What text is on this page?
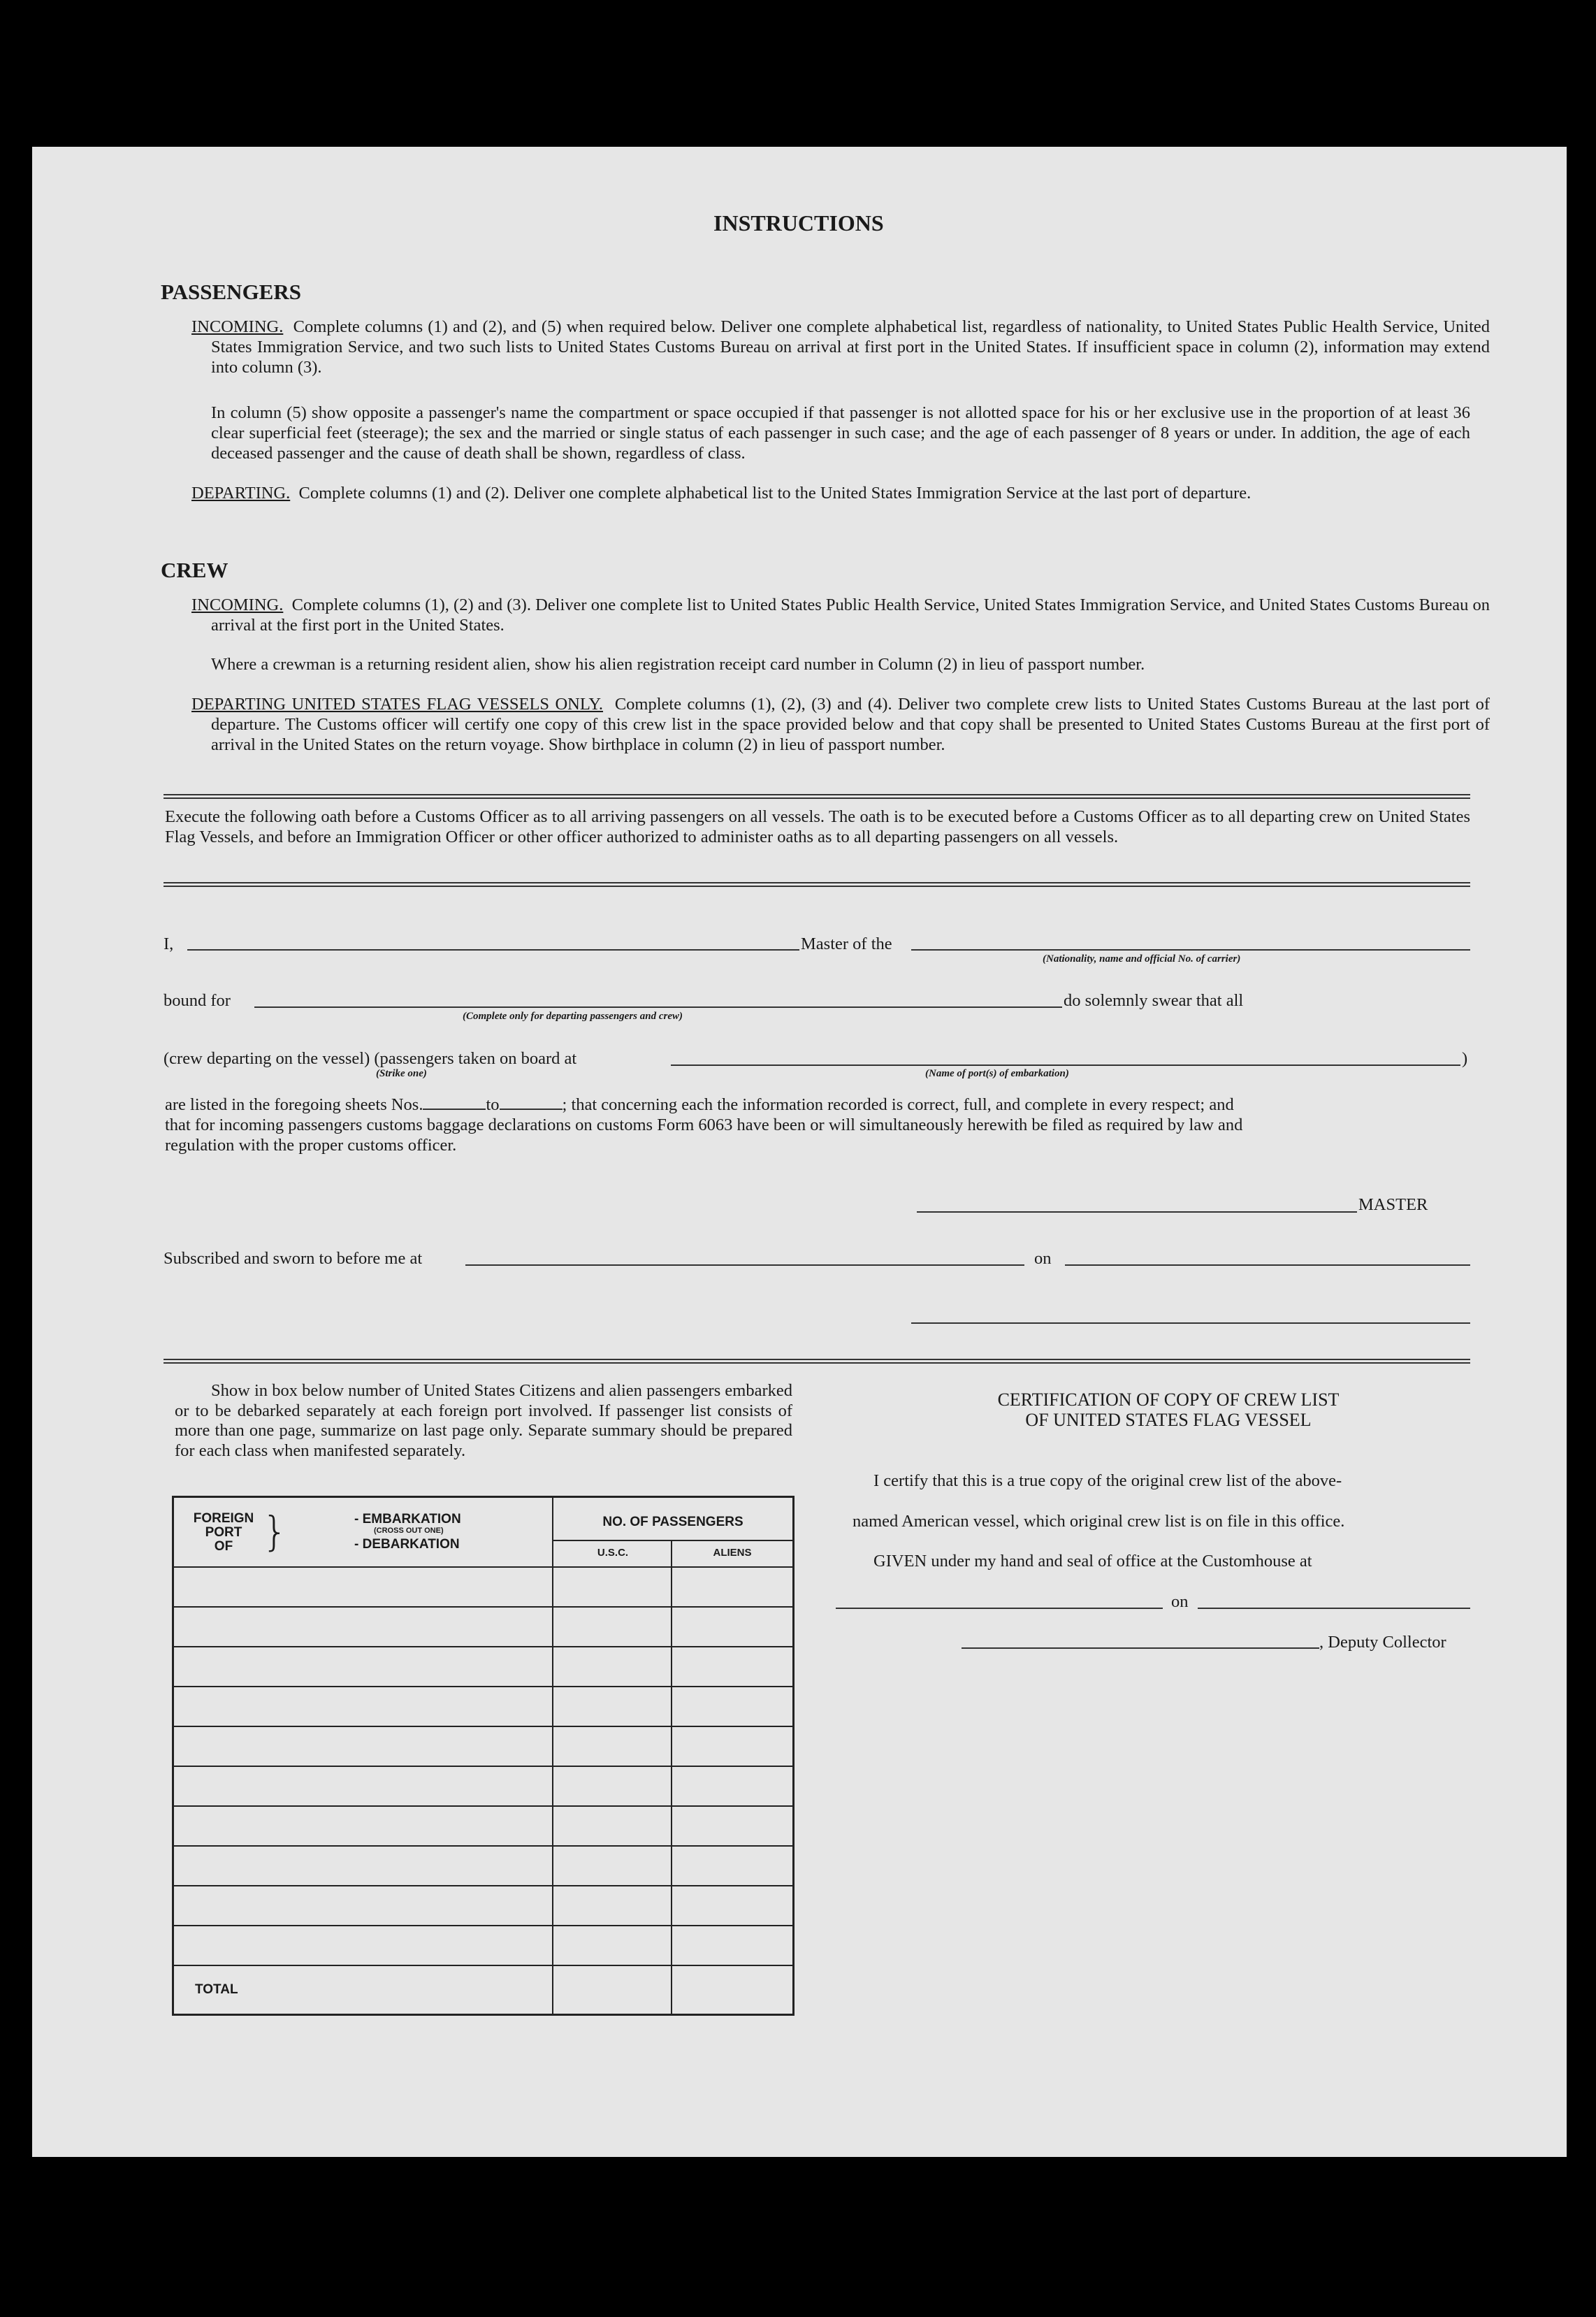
INSTRUCTIONS
PASSENGERS
INCOMING. Complete columns (1) and (2), and (5) when required below. Deliver one complete alphabetical list, regardless of nationality, to United States Public Health Service, United States Immigration Service, and two such lists to United States Customs Bureau on arrival at first port in the United States. If insufficient space in column (2), information may extend into column (3).
In column (5) show opposite a passenger's name the compartment or space occupied if that passenger is not allotted space for his or her exclusive use in the proportion of at least 36 clear superficial feet (steerage); the sex and the married or single status of each passenger in such case; and the age of each passenger of 8 years or under. In addition, the age of each deceased passenger and the cause of death shall be shown, regardless of class.
DEPARTING. Complete columns (1) and (2). Deliver one complete alphabetical list to the United States Immigration Service at the last port of departure.
CREW
INCOMING. Complete columns (1), (2) and (3). Deliver one complete list to United States Public Health Service, United States Immigration Service, and United States Customs Bureau on arrival at the first port in the United States.
Where a crewman is a returning resident alien, show his alien registration receipt card number in Column (2) in lieu of passport number.
DEPARTING UNITED STATES FLAG VESSELS ONLY. Complete columns (1), (2), (3) and (4). Deliver two complete crew lists to United States Customs Bureau at the last port of departure. The Customs officer will certify one copy of this crew list in the space provided below and that copy shall be presented to United States Customs Bureau at the first port of arrival in the United States on the return voyage. Show birthplace in column (2) in lieu of passport number.
Execute the following oath before a Customs Officer as to all arriving passengers on all vessels. The oath is to be executed before a Customs Officer as to all departing crew on United States Flag Vessels, and before an Immigration Officer or other officer authorized to administer oaths as to all departing passengers on all vessels.
I,	Master of the
(Nationality, name and official No. of carrier)
bound for
(Complete only for departing passengers and crew)
do solemnly swear that all
(crew departing on the vessel) (passengers taken on board at	)
(Strike one)	(Name of port(s) of embarkation)
are listed in the foregoing sheets Nos.	to	; that concerning each the information recorded is correct, full, and complete in every respect; and
that for incoming passengers customs baggage declarations on customs Form 6063 have been or will simultaneously herewith be filed as required by law and
regulation with the proper customs officer.
MASTER
Subscribed and sworn to before me at	on
Show in box below number of United States Citizens and alien passengers embarked or to be debarked separately at each foreign port involved. If passenger list consists of more than one page, summarize on last page only. Separate summary should be prepared for each class when manifested separately.
FOREIGN
PORT
OF }	- EMBARKATION
(CROSS OUT ONE)
- DEBARKATION
NO. OF PASSENGERS
U.S.C.	ALIENS
TOTAL
CERTIFICATION OF COPY OF CREW LIST
OF UNITED STATES FLAG VESSEL
I certify that this is a true copy of the original crew list of the above-
named American vessel, which original crew list is on file in this office.
GIVEN under my hand and seal of office at the Customhouse at
on
, Deputy Collector
